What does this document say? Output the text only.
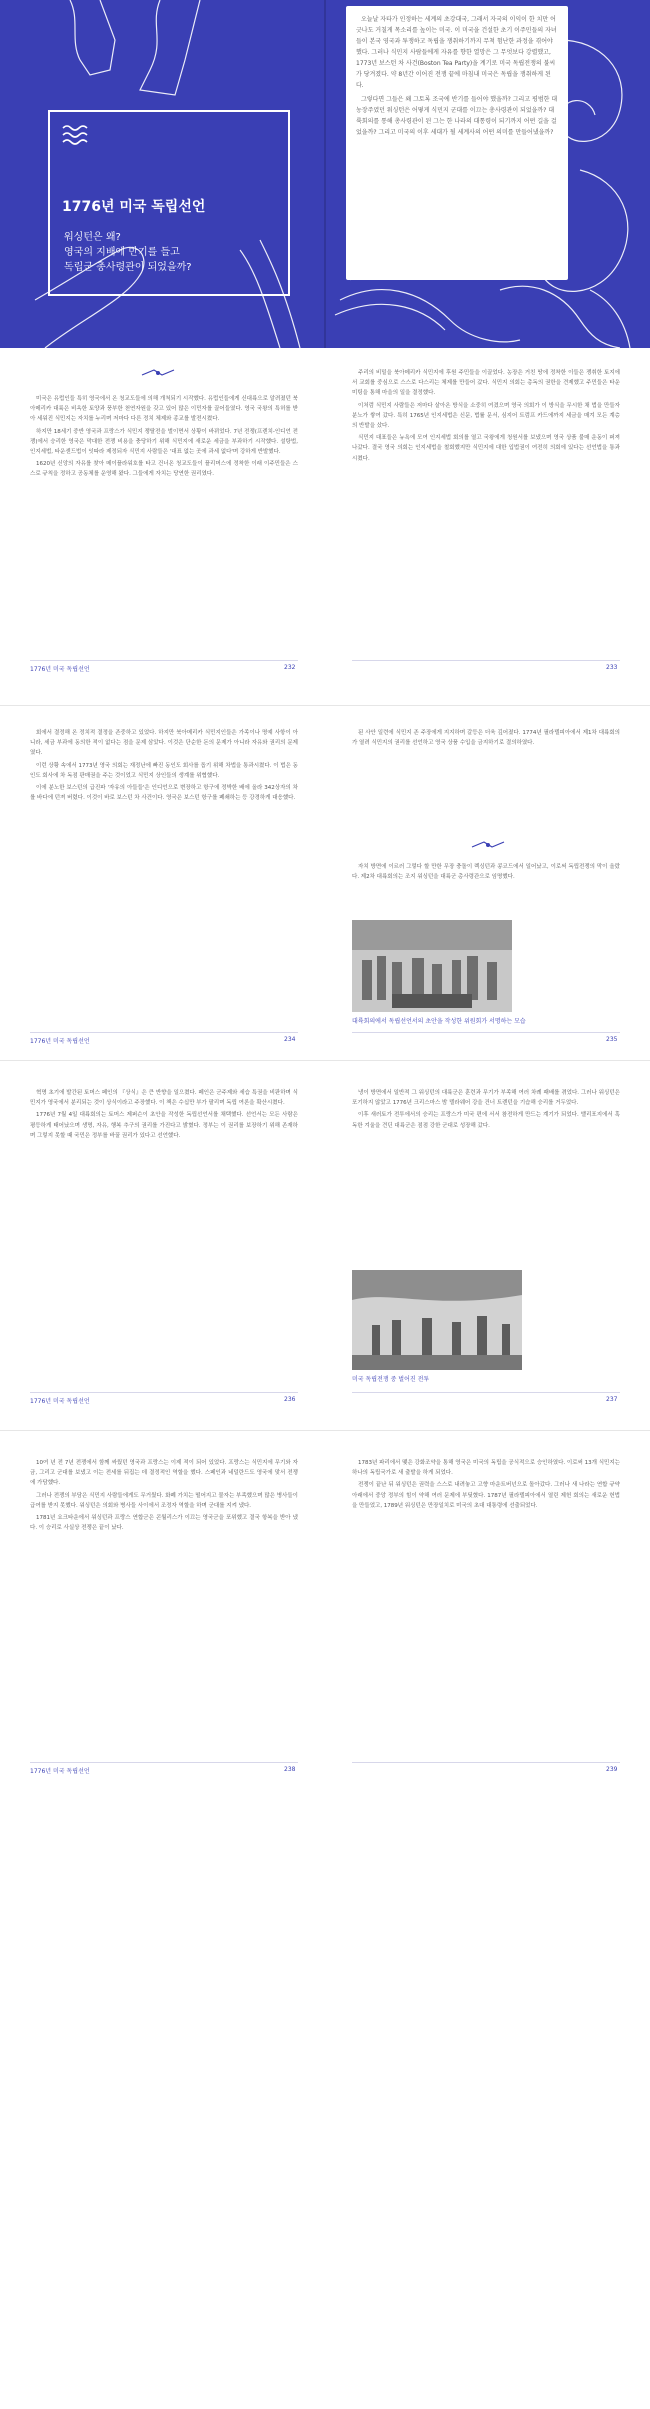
1776년 미국 독립선언
워싱턴은 왜?
영국의 지배에 반기를 들고
독립군 총사령관이 되었을까?

오늘날 자타가 인정하는 세계의 초강대국, 그래서 자국의 이익이 한 치만 어긋나도 거칠게 목소리를 높이는 미국. 이 미국을 건설한 초기 이주민들의 자녀들이 본국 영국과 투쟁하고 독립을 쟁취하기까지 무척 험난한 과정을 겪어야 했다. 그러나 식민지 사람들에게 자유를 향한 열망은 그 무엇보다 강렬했고, 1773년 보스턴 차 사건(Boston Tea Party)을 계기로 미국 독립전쟁의 불씨가 당겨졌다. 약 8년간 이어진 전쟁 끝에 마침내 미국은 독립을 쟁취하게 된다.

그렇다면 그들은 왜 그토록 조국에 반기를 들어야 했을까? 그리고 평범한 대농장주였던 워싱턴은 어떻게 식민지 군대를 이끄는 총사령관이 되었을까? 대륙회의를 통해 총사령관이 된 그는 한 나라의 대통령이 되기까지 어떤 길을 걸었을까? 그리고 미국의 이후 세대가 될 세계사의 어떤 의미를 만들어냈을까?

미국은 유럽인들 특히 영국에서 온 청교도들에 의해 개척되기 시작했다. 유럽인들에게 신대륙으로 알려졌던 북아메리카 대륙은 비옥한 토양과 풍부한 천연자원을 갖고 있어 많은 이민자를 끌어들였다. 영국 국왕의 특허를 받아 세워진 식민지는 자치를 누리며 저마다 다른 정치 체제와 종교를 발전시켰다.

하지만 18세기 중반 영국과 프랑스가 식민지 쟁탈전을 벌이면서 상황이 바뀌었다. 7년 전쟁(프렌치-인디언 전쟁)에서 승리한 영국은 막대한 전쟁 비용을 충당하기 위해 식민지에 새로운 세금을 부과하기 시작했다. 설탕법, 인지세법, 타운센드법이 잇따라 제정되자 식민지 사람들은 '대표 없는 곳에 과세 없다'며 강하게 반발했다.

1620년 신앙의 자유를 찾아 메이플라워호를 타고 건너온 청교도들이 플리머스에 정착한 이래 이주민들은 스스로 규칙을 정하고 공동체를 운영해 왔다. 그들에게 자치는 당연한 권리였다.

주리의 비밀을 북아메리카 식민지에 후원 주민들을 이끌었다. 농장은 거친 땅에 정착한 이들은 쟁취한 토지에서 교회를 중심으로 스스로 다스리는 체제를 만들어 갔다. 식민지 의회는 총독의 권한을 견제했고 주민들은 타운 미팅을 통해 마을의 일을 결정했다.

이처럼 식민지 사람들은 저마다 살아온 방식을 소중히 여겼으며 영국 의회가 이 방식을 무시한 채 법을 만들자 분노가 쌓여 갔다. 특히 1765년 인지세법은 신문, 법률 문서, 심지어 트럼프 카드에까지 세금을 매겨 모든 계층의 반발을 샀다.

식민지 대표들은 뉴욕에 모여 인지세법 회의를 열고 국왕에게 청원서를 보냈으며 영국 상품 불매 운동이 퍼져 나갔다. 결국 영국 의회는 인지세법을 철회했지만 식민지에 대한 입법권이 여전히 의회에 있다는 선언법을 통과시켰다.

1776년 미국 독립선언	232	233

회에서 결정해 온 정치적 결정을 존중하고 있었다. 하지만 북아메리카 식민지인들은 가족이나 명예 사항이 아니라, 세금 부과에 동의한 적이 없다는 점을 문제 삼았다. 이것은 단순한 돈의 문제가 아니라 자유와 권리의 문제였다.

이런 상황 속에서 1773년 영국 의회는 재정난에 빠진 동인도 회사를 돕기 위해 차법을 통과시켰다. 이 법은 동인도 회사에 차 독점 판매권을 주는 것이었고 식민지 상인들의 생계를 위협했다.

이에 분노한 보스턴의 급진파 '자유의 아들들'은 인디언으로 변장하고 항구에 정박한 배에 올라 342상자의 차를 바다에 던져 버렸다. 이것이 바로 보스턴 차 사건이다. 영국은 보스턴 항구를 폐쇄하는 등 강경하게 대응했다.

된 사안 일련에 식민지 존 주장에게 지지하며 갈등은 더욱 깊어졌다. 1774년 필라델피아에서 제1차 대륙회의가 열려 식민지의 권리를 선언하고 영국 상품 수입을 금지하기로 결의하였다.

자치 방면에 이르러 그렇다 할 만한 무장 충돌이 렉싱턴과 콩코드에서 일어났고, 이로써 독립전쟁의 막이 올랐다. 제2차 대륙회의는 조지 워싱턴을 대륙군 총사령관으로 임명했다.

대륙회의에서 독립선언서의 초안을 작성한 위원회가 서명하는 모습
1776년 미국 독립선언	234	235

혁명 초기에 발간된 토머스 페인의 『상식』은 큰 반향을 일으켰다. 페인은 군주제와 세습 특권을 비판하며 식민지가 영국에서 분리되는 것이 상식이라고 주장했다. 이 책은 수십만 부가 팔리며 독립 여론을 확산시켰다.

1776년 7월 4일 대륙회의는 토머스 제퍼슨이 초안을 작성한 독립선언서를 채택했다. 선언서는 모든 사람은 평등하게 태어났으며 생명, 자유, 행복 추구의 권리를 가진다고 밝혔다. 정부는 이 권리를 보장하기 위해 존재하며 그렇지 못할 때 국민은 정부를 바꿀 권리가 있다고 선언했다.

냉이 방면에서 일반적 그 워싱턴의 대륙군은 훈련과 무기가 부족해 여러 차례 패배를 겪었다. 그러나 워싱턴은 포기하지 않았고 1776년 크리스마스 밤 델라웨어 강을 건너 트렌턴을 기습해 승리를 거두었다.

이후 새러토가 전투에서의 승리는 프랑스가 미국 편에 서서 참전하게 만드는 계기가 되었다. 밸리포지에서 혹독한 겨울을 견딘 대륙군은 점점 강한 군대로 성장해 갔다.

미국 독립전쟁 중 벌어진 전투
1776년 미국 독립선언	236	237

10여 년 전 7년 전쟁에서 함께 싸웠던 영국과 프랑스는 이제 적이 되어 있었다. 프랑스는 식민지에 무기와 자금, 그리고 군대를 보냈고 이는 전세를 뒤집는 데 결정적인 역할을 했다. 스페인과 네덜란드도 영국에 맞서 전쟁에 가담했다.

그러나 전쟁의 부담은 식민지 사람들에게도 무거웠다. 화폐 가치는 떨어지고 물자는 부족했으며 많은 병사들이 급여를 받지 못했다. 워싱턴은 의회와 병사들 사이에서 조정자 역할을 하며 군대를 지켜 냈다.

1781년 요크타운에서 워싱턴과 프랑스 연합군은 콘월리스가 이끄는 영국군을 포위했고 결국 항복을 받아 냈다. 이 승리로 사실상 전쟁은 끝이 났다.

1783년 파리에서 맺은 강화조약을 통해 영국은 미국의 독립을 공식적으로 승인하였다. 이로써 13개 식민지는 하나의 독립국가로 새 출발을 하게 되었다.

전쟁이 끝난 뒤 워싱턴은 권력을 스스로 내려놓고 고향 마운트버넌으로 돌아갔다. 그러나 새 나라는 연합 규약 아래에서 중앙 정부의 힘이 약해 여러 문제에 부딪혔다. 1787년 필라델피아에서 열린 제헌 회의는 새로운 헌법을 만들었고, 1789년 워싱턴은 만장일치로 미국의 초대 대통령에 선출되었다.

1776년 미국 독립선언	238	239
